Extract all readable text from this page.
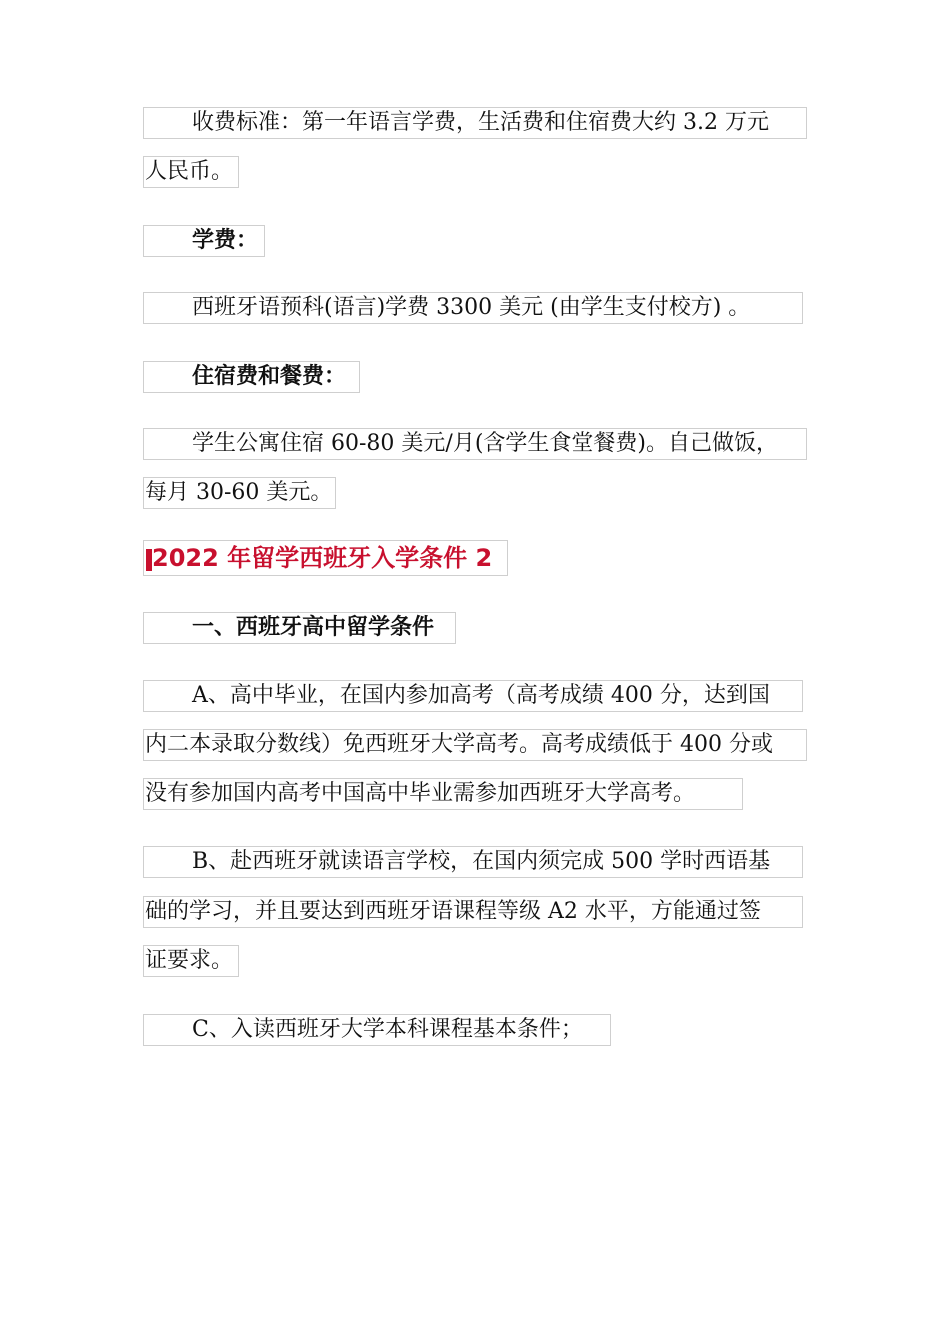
收费标准：第一年语言学费，生活费和住宿费大约 3.2 万元
人民币。
学费：
西班牙语预科(语言)学费 3300 美元 (由学生支付校方) 。
住宿费和餐费：
学生公寓住宿 60-80 美元/月(含学生食堂餐费)。自己做饭，
每月 30-60 美元。
2022 年留学西班牙入学条件 2
一、西班牙高中留学条件
A、高中毕业，在国内参加高考（高考成绩 400 分，达到国
内二本录取分数线）免西班牙大学高考。高考成绩低于 400 分或
没有参加国内高考中国高中毕业需参加西班牙大学高考。
B、赴西班牙就读语言学校，在国内须完成 500 学时西语基
础的学习，并且要达到西班牙语课程等级 A2 水平，方能通过签
证要求。
C、入读西班牙大学本科课程基本条件；
